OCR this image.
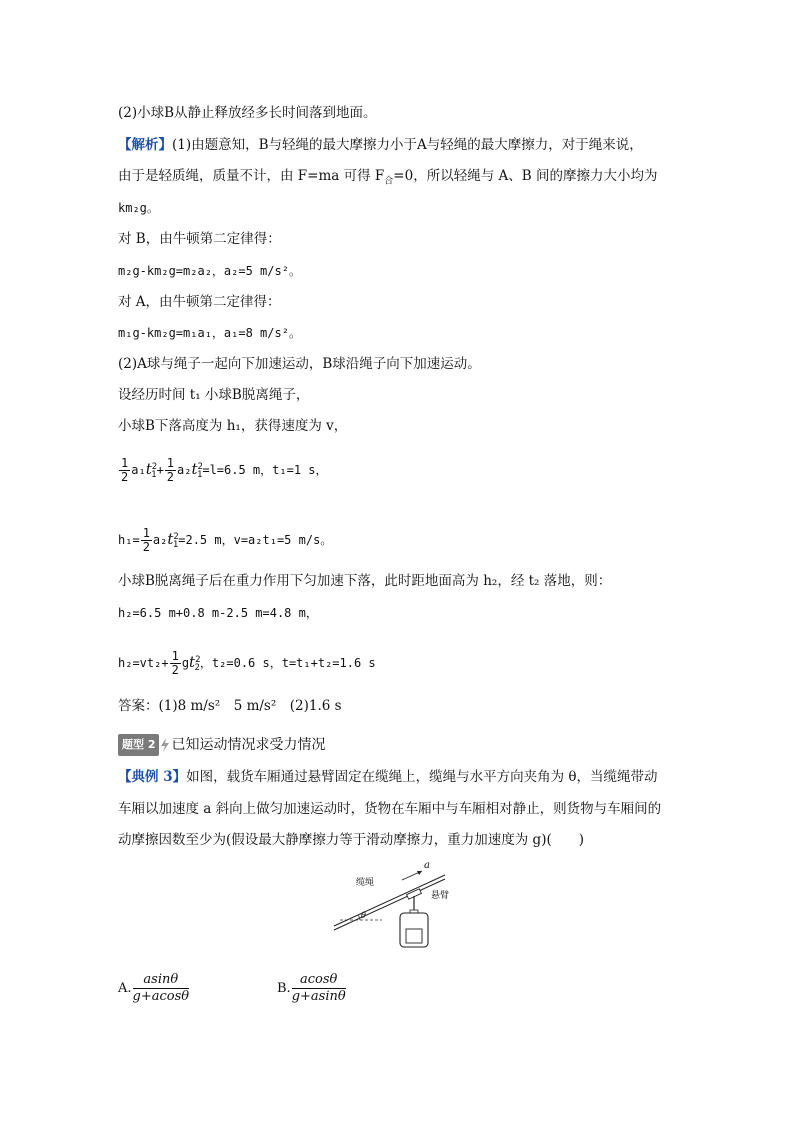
(2)小球B从静止释放经多长时间落到地面。
【解析】(1)由题意知，B与轻绳的最大摩擦力小于A与轻绳的最大摩擦力，对于绳来说，
由于是轻质绳，质量不计，由 F=ma 可得 $F_合=0$，所以轻绳与 A、B 间的摩擦力大小均为
km₂g。
对 B，由牛顿第二定律得：
m₂g-km₂g=m₂a₂，a₂=5 m/s²。
对 A，由牛顿第二定律得：
m₁g-km₂g=m₁a₁，a₁=8 m/s²。
(2)A球与绳子一起向下加速运动，B球沿绳子向下加速运动。
设经历时间 t₁ 小球B脱离绳子，
小球B下落高度为 h₁，获得速度为 v，
$\frac{1}{2} a_1t^2_1+ \frac{1}{2} a_2t^2_1=l=6.5$ m，t₁=1 s，
$h_1= \frac{1}{2} a_2t^2_1=2.5$ m，v=a₂t₁=5 m/s。
小球B脱离绳子后在重力作用下匀加速下落，此时距地面高为 h₂，经 t₂ 落地，则：
h₂=6.5 m+0.8 m-2.5 m=4.8 m，
$h_2=vt_2+ \frac{1}{2} gt^2_2$，t₂=0.6 s，t=t₁+t₂=1.6 s
答案：(1)8 m/s²　5 m/s²　(2)1.6 s
题型 2 已知运动情况求受力情况
【典例 3】如图，载货车厢通过悬臂固定在缆绳上，缆绳与水平方向夹角为 θ，当缆绳带动
车厢以加速度 a 斜向上做匀加速运动时，货物在车厢中与车厢相对静止，则货物与车厢间的
动摩擦因数至少为(假设最大静摩擦力等于滑动摩擦力，重力加速度为 g)(　　)
缆绳
悬臂
a
θ
A. $\frac{asin\theta}{g+acos\theta}$	B. $\frac{acos\theta}{g+asin\theta}$
